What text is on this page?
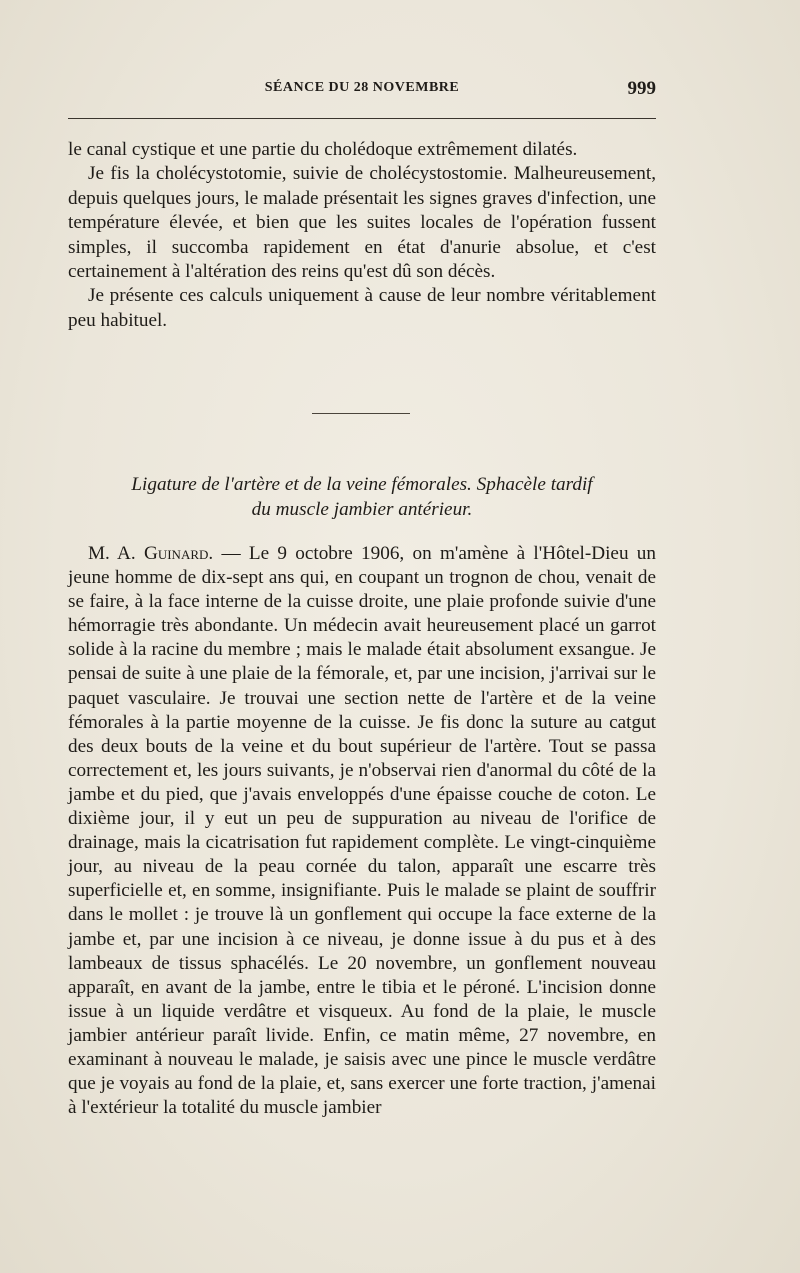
SÉANCE DU 28 NOVEMBRE	999

le canal cystique et une partie du cholédoque extrêmement dilatés.

Je fis la cholécystotomie, suivie de cholécystostomie. Malheureusement, depuis quelques jours, le malade présentait les signes graves d'infection, une température élevée, et bien que les suites locales de l'opération fussent simples, il succomba rapidement en état d'anurie absolue, et c'est certainement à l'altération des reins qu'est dû son décès.

Je présente ces calculs uniquement à cause de leur nombre véritablement peu habituel.

Ligature de l'artère et de la veine fémorales. Sphacèle tardif
du muscle jambier antérieur.

M. A. Guinard. — Le 9 octobre 1906, on m'amène à l'Hôtel-Dieu un jeune homme de dix-sept ans qui, en coupant un trognon de chou, venait de se faire, à la face interne de la cuisse droite, une plaie profonde suivie d'une hémorragie très abondante. Un médecin avait heureusement placé un garrot solide à la racine du membre ; mais le malade était absolument exsangue. Je pensai de suite à une plaie de la fémorale, et, par une incision, j'arrivai sur le paquet vasculaire. Je trouvai une section nette de l'artère et de la veine fémorales à la partie moyenne de la cuisse. Je fis donc la suture au catgut des deux bouts de la veine et du bout supérieur de l'artère. Tout se passa correctement et, les jours suivants, je n'observai rien d'anormal du côté de la jambe et du pied, que j'avais enveloppés d'une épaisse couche de coton. Le dixième jour, il y eut un peu de suppuration au niveau de l'orifice de drainage, mais la cicatrisation fut rapidement complète. Le vingt-cinquième jour, au niveau de la peau cornée du talon, apparaît une escarre très superficielle et, en somme, insignifiante. Puis le malade se plaint de souffrir dans le mollet : je trouve là un gonflement qui occupe la face externe de la jambe et, par une incision à ce niveau, je donne issue à du pus et à des lambeaux de tissus sphacélés. Le 20 novembre, un gonflement nouveau apparaît, en avant de la jambe, entre le tibia et le péroné. L'incision donne issue à un liquide verdâtre et visqueux. Au fond de la plaie, le muscle jambier antérieur paraît livide. Enfin, ce matin même, 27 novembre, en examinant à nouveau le malade, je saisis avec une pince le muscle verdâtre que je voyais au fond de la plaie, et, sans exercer une forte traction, j'amenai à l'extérieur la totalité du muscle jambier
